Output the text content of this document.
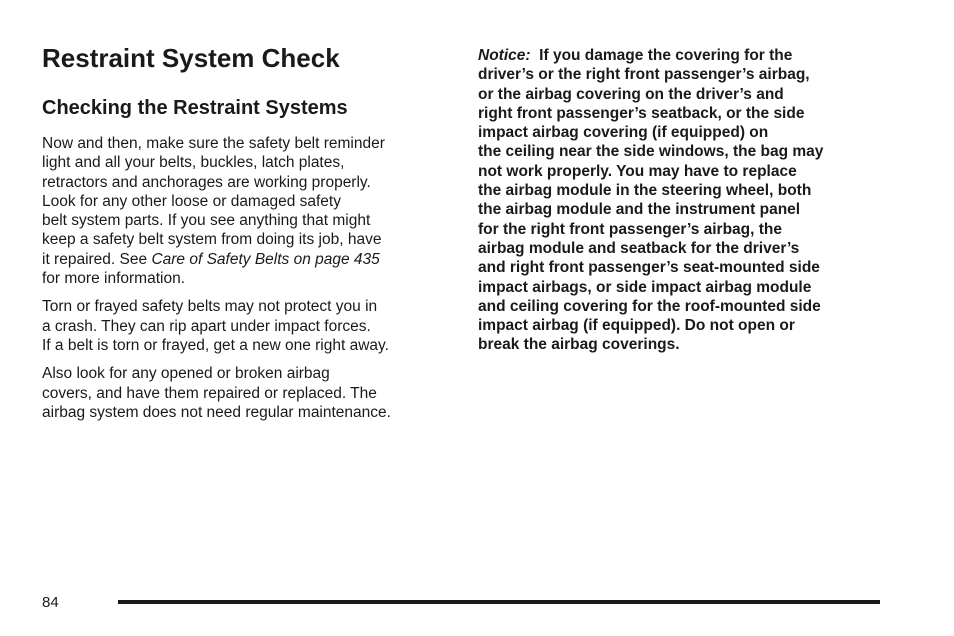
Restraint System Check
Checking the Restraint Systems

Now and then, make sure the safety belt reminder
light and all your belts, buckles, latch plates,
retractors and anchorages are working properly.
Look for any other loose or damaged safety
belt system parts. If you see anything that might
keep a safety belt system from doing its job, have
it repaired. See Care of Safety Belts on page 435
for more information.

Torn or frayed safety belts may not protect you in
a crash. They can rip apart under impact forces.
If a belt is torn or frayed, get a new one right away.

Also look for any opened or broken airbag
covers, and have them repaired or replaced. The
airbag system does not need regular maintenance.

Notice: If you damage the covering for the
driver’s or the right front passenger’s airbag,
or the airbag covering on the driver’s and
right front passenger’s seatback, or the side
impact airbag covering (if equipped) on
the ceiling near the side windows, the bag may
not work properly. You may have to replace
the airbag module in the steering wheel, both
the airbag module and the instrument panel
for the right front passenger’s airbag, the
airbag module and seatback for the driver’s
and right front passenger’s seat-mounted side
impact airbags, or side impact airbag module
and ceiling covering for the roof-mounted side
impact airbag (if equipped). Do not open or
break the airbag coverings.
84
